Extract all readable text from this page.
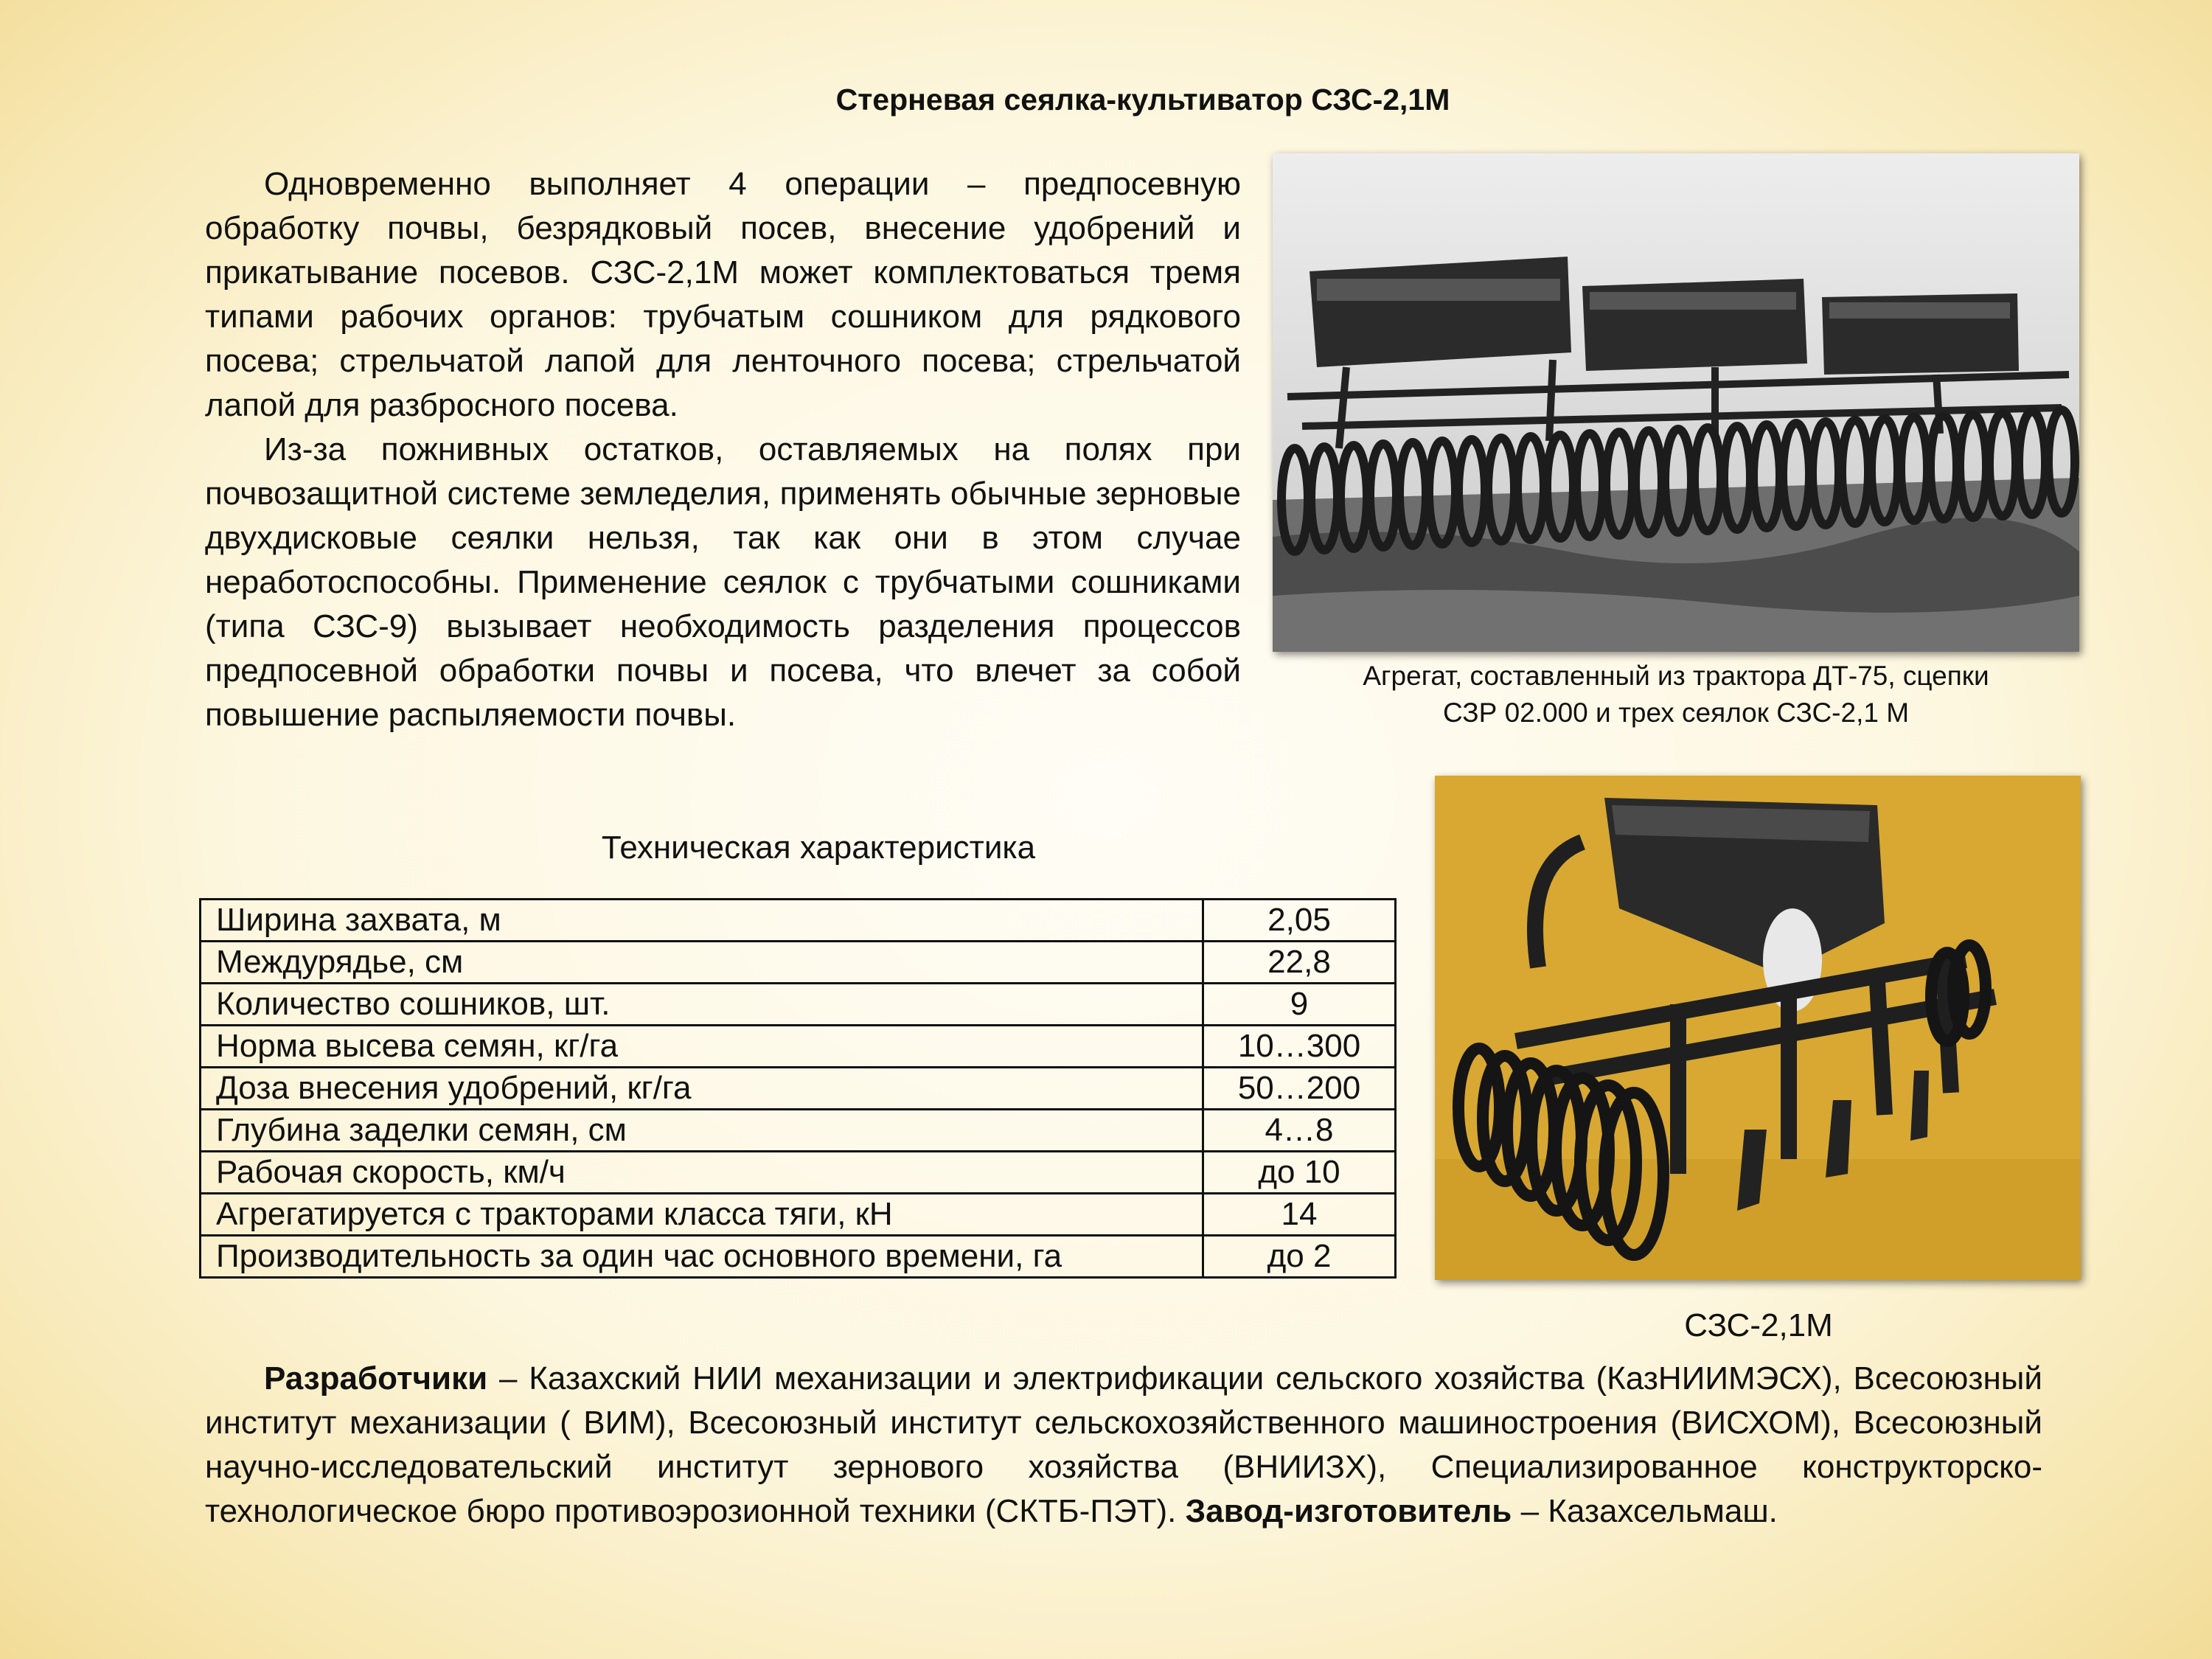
Стерневая сеялка-культиватор СЗС-2,1М

Одновременно выполняет 4 операции – предпосевную обработку почвы, безрядковый посев, внесение удобрений и прикатывание посевов. СЗС-2,1М может комплектоваться тремя типами рабочих органов: трубчатым сошником для рядкового посева; стрельчатой лапой для ленточного посева; стрельчатой лапой для разбросного посева.

Из-за пожнивных остатков, оставляемых на полях при почвозащитной системе земледелия, применять обычные зерновые двухдисковые сеялки нельзя, так как они в этом случае неработоспособны. Применение сеялок с трубчатыми сошниками (типа СЗС-9) вызывает необходимость разделения процессов предпосевной обработки почвы и посева, что влечет за собой повышение распыляемости почвы.

Агрегат, составленный из трактора ДТ-75, сцепки
СЗР 02.000 и трех сеялок СЗС-2,1 М
СЗС-2,1М
Техническая характеристика
Ширина захвата, м	2,05
Междурядье, см	22,8
Количество сошников, шт.	9
Норма высева семян, кг/га	10…300
Доза внесения удобрений, кг/га	50…200
Глубина заделки семян, см	4…8
Рабочая скорость, км/ч	до 10
Агрегатируется с тракторами класса тяги, кН	14
Производительность за один час основного времени, га	до 2

Разработчики – Казахский НИИ механизации и электрификации сельского хозяйства (КазНИИМЭСХ), Всесоюзный институт механизации ( ВИМ), Всесоюзный институт сельскохозяйственного машиностроения (ВИСХОМ), Всесоюзный научно-исследовательский институт зернового хозяйства (ВНИИЗХ), Специализированное конструкторско-технологическое бюро противоэрозионной техники (СКТБ-ПЭТ). Завод-изготовитель – Казахсельмаш.
